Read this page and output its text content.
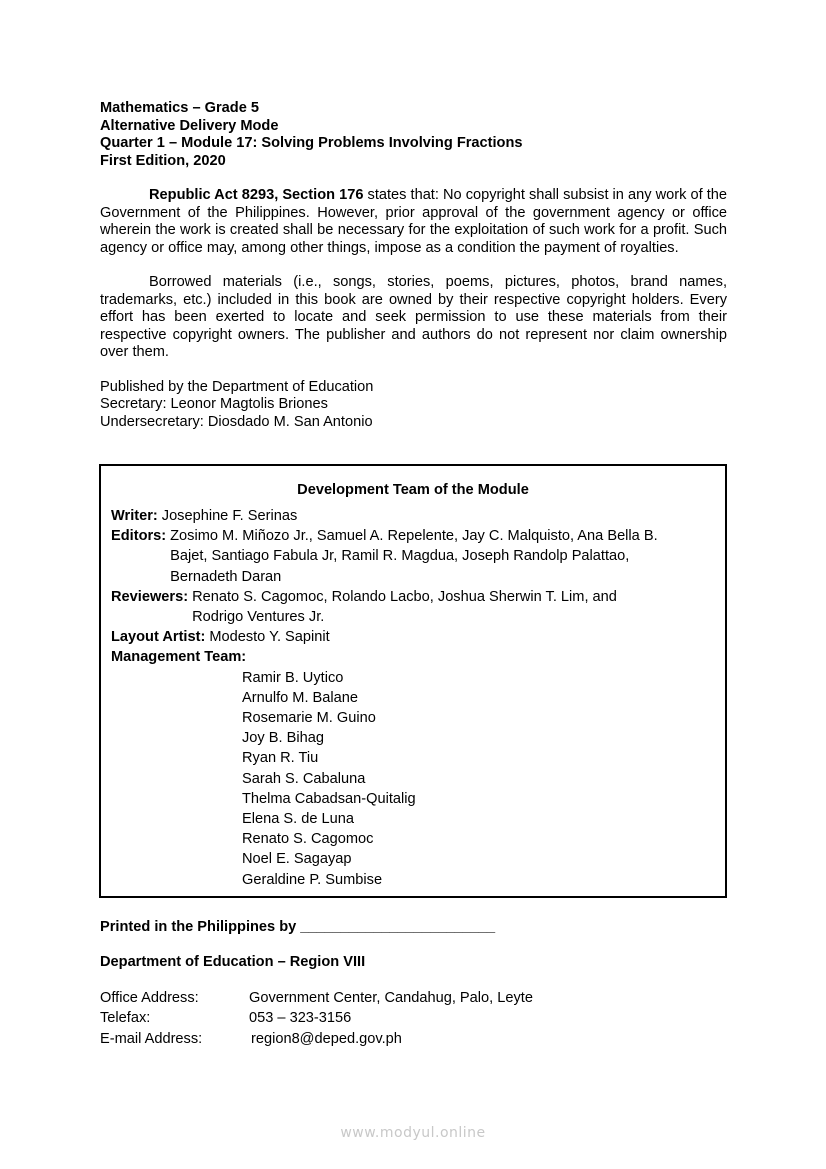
Mathematics – Grade 5
Alternative Delivery Mode
Quarter 1 – Module 17: Solving Problems Involving Fractions
First Edition, 2020

Republic Act 8293, Section 176 states that: No copyright shall subsist in any work of the Government of the Philippines. However, prior approval of the government agency or office wherein the work is created shall be necessary for the exploitation of such work for a profit. Such agency or office may, among other things, impose as a condition the payment of royalties.

Borrowed materials (i.e., songs, stories, poems, pictures, photos, brand names, trademarks, etc.) included in this book are owned by their respective copyright holders. Every effort has been exerted to locate and seek permission to use these materials from their respective copyright owners. The publisher and authors do not represent nor claim ownership over them.

Published by the Department of Education
Secretary: Leonor Magtolis Briones
Undersecretary: Diosdado M. San Antonio
Development Team of the Module
Writer: Josephine F. Serinas
Editors: Zosimo M. Miñozo Jr., Samuel A. Repelente, Jay C. Malquisto, Ana Bella B. Bajet, Santiago Fabula Jr, Ramil R. Magdua, Joseph Randolp Palattao, Bernadeth Daran
Reviewers: Renato S. Cagomoc, Rolando Lacbo, Joshua Sherwin T. Lim, and Rodrigo Ventures Jr.
Layout Artist: Modesto Y. Sapinit
Management Team:
Ramir B. Uytico
Arnulfo M. Balane
Rosemarie M. Guino
Joy B. Bihag
Ryan R. Tiu
Sarah S. Cabaluna
Thelma Cabadsan-Quitalig
Elena S. de Luna
Renato S. Cagomoc
Noel E. Sagayap
Geraldine P. Sumbise
Printed in the Philippines by ________________________
Department of Education – Region VIII
Office Address:	Government Center, Candahug, Palo, Leyte
Telefax:	053 – 323-3156
E-mail Address:	region8@deped.gov.ph
www.modyul.online
